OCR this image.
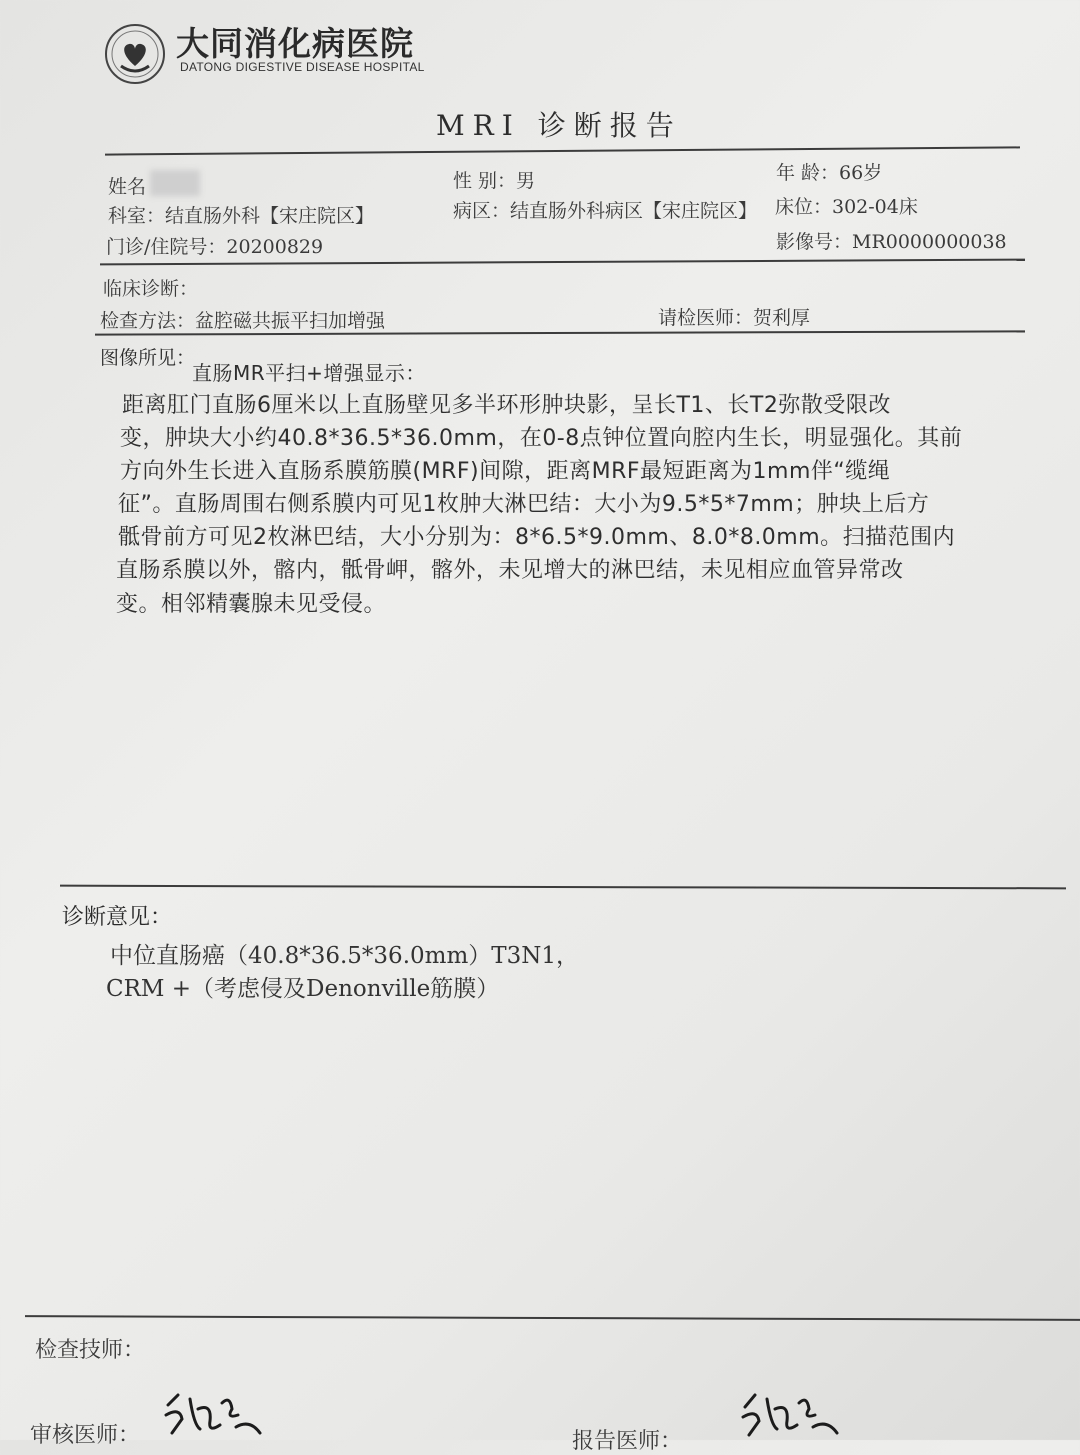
大同消化病医院
DATONG DIGESTIVE DISEASE HOSPITAL
MRI 诊断报告
姓名	性 别：男	年 龄：66岁
科室：结直肠外科【宋庄院区】	病区：结直肠外科病区【宋庄院区】 床位：302-04床
门诊/住院号：20200829	影像号：MR0000000038
临床诊断：
检查方法：盆腔磁共振平扫加增强	请检医师：贺利厚
图像所见：
直肠MR平扫+增强显示：
距离肛门直肠6厘米以上直肠壁见多半环形肿块影，呈长T1、长T2弥散受限改
变，肿块大小约40.8*36.5*36.0mm，在0-8点钟位置向腔内生长，明显强化。其前
方向外生长进入直肠系膜筋膜(MRF)间隙，距离MRF最短距离为1mm伴“缆绳
征”。直肠周围右侧系膜内可见1枚肿大淋巴结：大小为9.5*5*7mm；肿块上后方
骶骨前方可见2枚淋巴结，大小分别为：8*6.5*9.0mm、8.0*8.0mm。扫描范围内
直肠系膜以外，髂内，骶骨岬，髂外，未见增大的淋巴结，未见相应血管异常改
变。相邻精囊腺未见受侵。
诊断意见：
中位直肠癌（40.8*36.5*36.0mm）T3N1，
CRM +（考虑侵及Denonville筋膜）
检查技师：
审核医师：	报告医师：
